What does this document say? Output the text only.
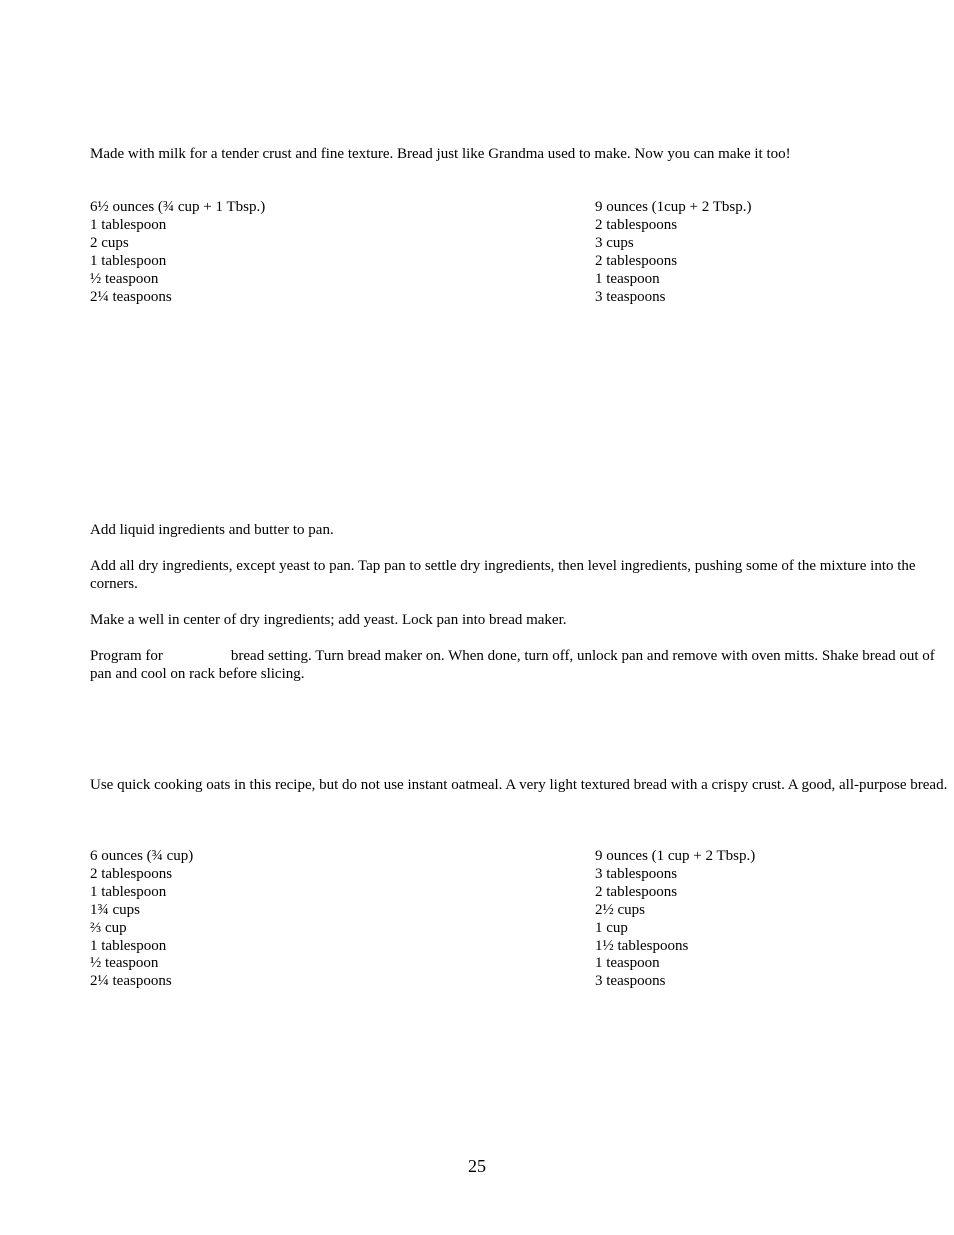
Made with milk for a tender crust and fine texture. Bread just like Grandma used to make. Now you can make it too!

6½ ounces (¾ cup + 1 Tbsp.)
1 tablespoon
2 cups
1 tablespoon
½ teaspoon
2¼ teaspoons
9 ounces (1cup + 2 Tbsp.)
2 tablespoons
3 cups
2 tablespoons
1 teaspoon
3 teaspoons

Add liquid ingredients and butter to pan.

Add all dry ingredients, except yeast to pan. Tap pan to settle dry ingredients, then level ingredients, pushing some of the mixture into the corners.

Make a well in center of dry ingredients; add yeast. Lock pan into bread maker.

Program for	bread setting. Turn bread maker on. When done, turn off, unlock pan and remove with oven mitts. Shake bread out of pan and cool on rack before slicing.

Use quick cooking oats in this recipe, but do not use instant oatmeal. A very light textured bread with a crispy crust. A good, all-purpose bread.

6 ounces (¾ cup)
2 tablespoons
1 tablespoon
1¾ cups
⅔ cup
1 tablespoon
½ teaspoon
2¼ teaspoons
9 ounces (1 cup + 2 Tbsp.)
3 tablespoons
2 tablespoons
2½ cups
1 cup
1½ tablespoons
1 teaspoon
3 teaspoons
25
